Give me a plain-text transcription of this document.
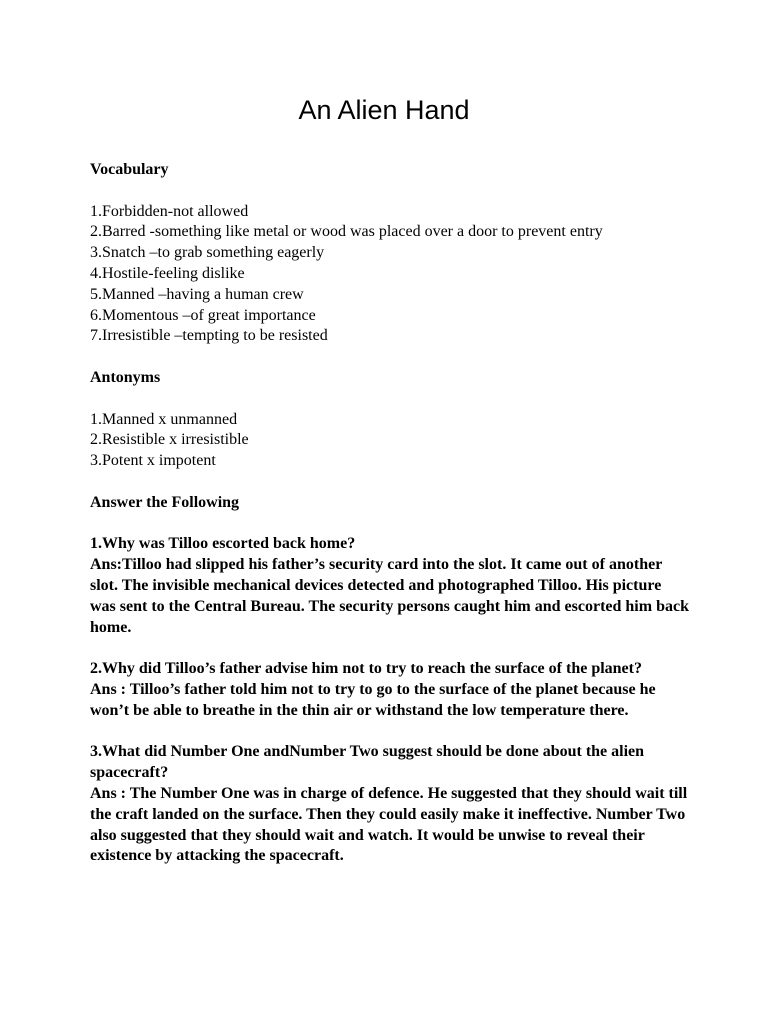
An Alien Hand

Vocabulary

1.Forbidden-not allowed
2.Barred -something like metal or wood was placed over a door to prevent entry
3.Snatch –to grab something eagerly
4.Hostile-feeling dislike
5.Manned –having a human crew
6.Momentous –of great importance
7.Irresistible –tempting to be resisted

Antonyms

1.Manned x unmanned
2.Resistible x irresistible
3.Potent x impotent

Answer the Following

1.Why was Tilloo escorted back home?

Ans:Tilloo had slipped his father’s security card into the slot. It came out of another slot. The invisible mechanical devices detected and photographed Tilloo. His picture was sent to the Central Bureau. The security persons caught him and escorted him back home.

2.Why did Tilloo’s father advise him not to try to reach the surface of the planet?

Ans : Tilloo’s father told him not to try to go to the surface of the planet because he won’t be able to breathe in the thin air or withstand the low temperature there.

3.What did Number One andNumber Two suggest should be done about the alien spacecraft?

Ans : The Number One was in charge of defence. He suggested that they should wait till the craft landed on the surface. Then they could easily make it ineffective. Number Two also suggested that they should wait and watch. It would be unwise to reveal their existence by attacking the spacecraft.
